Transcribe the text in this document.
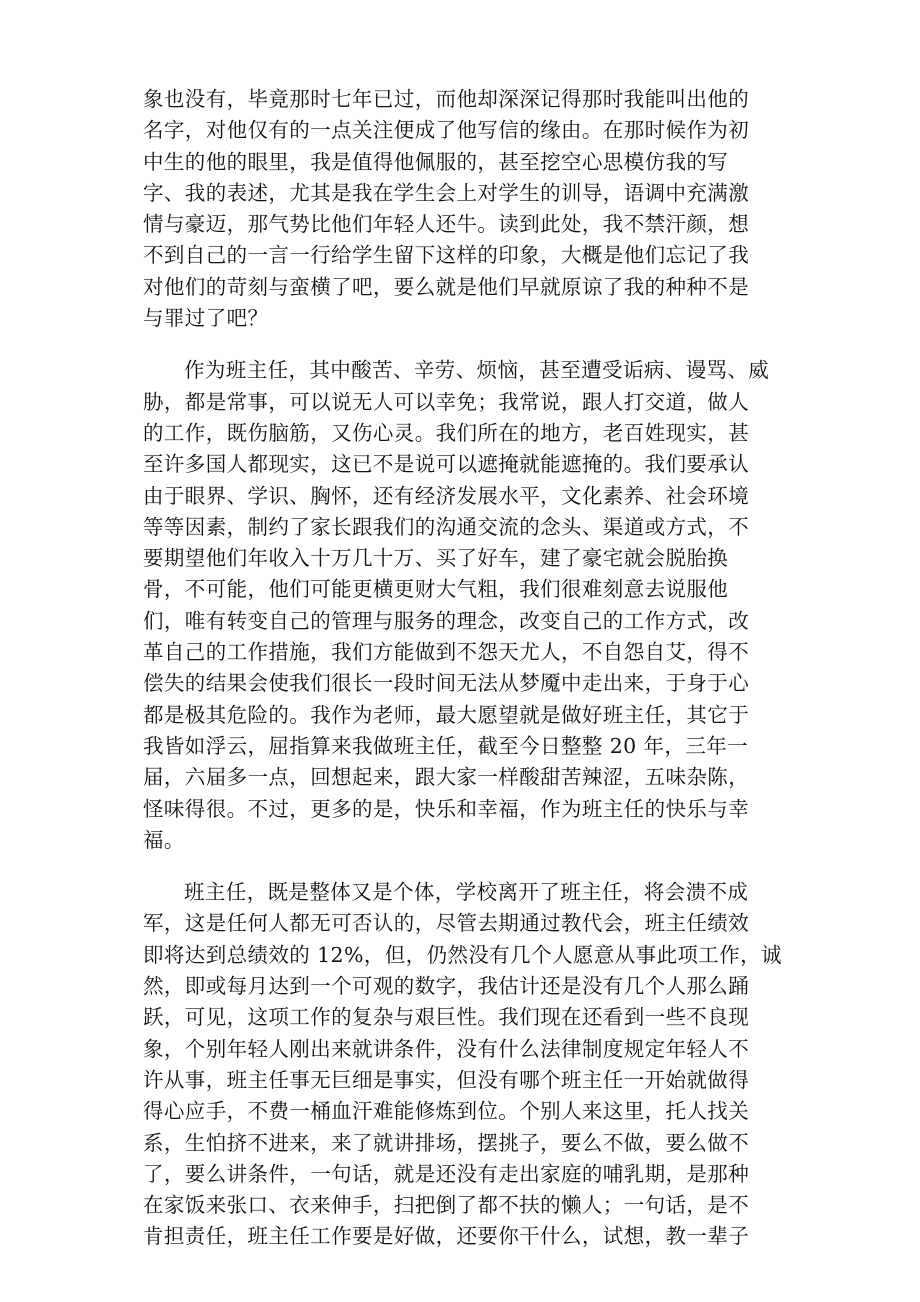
象也没有，毕竟那时七年已过，而他却深深记得那时我能叫出他的
名字，对他仅有的一点关注便成了他写信的缘由。在那时候作为初
中生的他的眼里，我是值得他佩服的，甚至挖空心思模仿我的写
字、我的表述，尤其是我在学生会上对学生的训导，语调中充满激
情与豪迈，那气势比他们年轻人还牛。读到此处，我不禁汗颜，想
不到自己的一言一行给学生留下这样的印象，大概是他们忘记了我
对他们的苛刻与蛮横了吧，要么就是他们早就原谅了我的种种不是
与罪过了吧？

作为班主任，其中酸苦、辛劳、烦恼，甚至遭受诟病、谩骂、威
胁，都是常事，可以说无人可以幸免；我常说，跟人打交道，做人
的工作，既伤脑筋，又伤心灵。我们所在的地方，老百姓现实，甚
至许多国人都现实，这已不是说可以遮掩就能遮掩的。我们要承认
由于眼界、学识、胸怀，还有经济发展水平，文化素养、社会环境
等等因素，制约了家长跟我们的沟通交流的念头、渠道或方式，不
要期望他们年收入十万几十万、买了好车，建了豪宅就会脱胎换
骨，不可能，他们可能更横更财大气粗，我们很难刻意去说服他
们，唯有转变自己的管理与服务的理念，改变自己的工作方式，改
革自己的工作措施，我们方能做到不怨天尤人，不自怨自艾，得不
偿失的结果会使我们很长一段时间无法从梦魇中走出来，于身于心
都是极其危险的。我作为老师，最大愿望就是做好班主任，其它于
我皆如浮云，屈指算来我做班主任，截至今日整整 20 年，三年一
届，六届多一点，回想起来，跟大家一样酸甜苦辣涩，五味杂陈，
怪味得很。不过，更多的是，快乐和幸福，作为班主任的快乐与幸
福。

班主任，既是整体又是个体，学校离开了班主任，将会溃不成
军，这是任何人都无可否认的，尽管去期通过教代会，班主任绩效
即将达到总绩效的 12%，但，仍然没有几个人愿意从事此项工作，诚
然，即或每月达到一个可观的数字，我估计还是没有几个人那么踊
跃，可见，这项工作的复杂与艰巨性。我们现在还看到一些不良现
象，个别年轻人刚出来就讲条件，没有什么法律制度规定年轻人不
许从事，班主任事无巨细是事实，但没有哪个班主任一开始就做得
得心应手，不费一桶血汗难能修炼到位。个别人来这里，托人找关
系，生怕挤不进来，来了就讲排场，摆挑子，要么不做，要么做不
了，要么讲条件，一句话，就是还没有走出家庭的哺乳期，是那种
在家饭来张口、衣来伸手，扫把倒了都不扶的懒人；一句话，是不
肯担责任，班主任工作要是好做，还要你干什么，试想，教一辈子
